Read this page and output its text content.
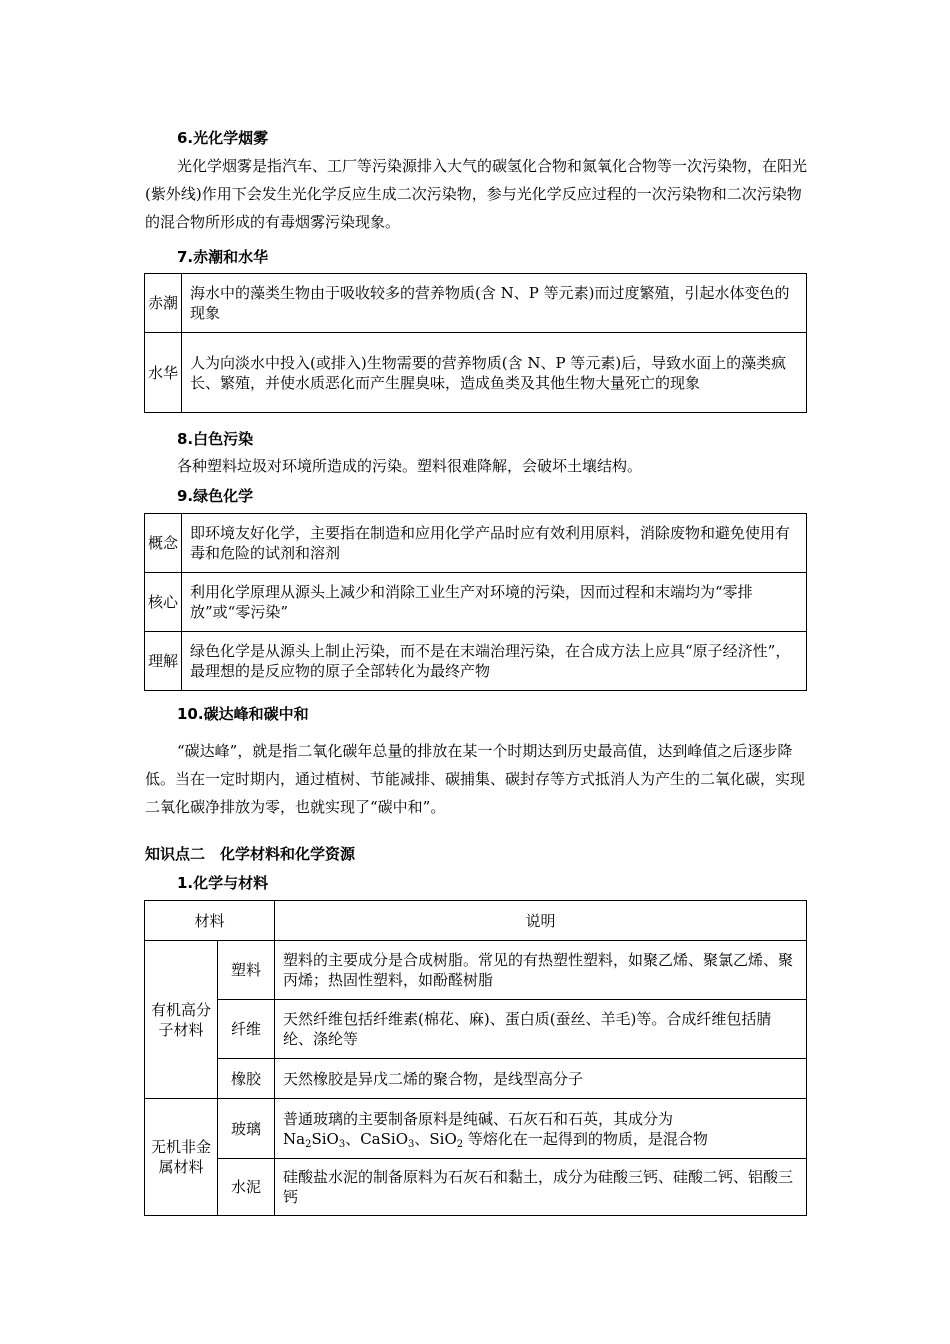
6.光化学烟雾
光化学烟雾是指汽车、工厂等污染源排入大气的碳氢化合物和氮氧化合物等一次污染物，在阳光(紫外线)作用下会发生光化学反应生成二次污染物，参与光化学反应过程的一次污染物和二次污染物的混合物所形成的有毒烟雾污染现象。
7.赤潮和水华
赤潮	海水中的藻类生物由于吸收较多的营养物质(含 N、P 等元素)而过度繁殖，引起水体变色的现象
水华	人为向淡水中投入(或排入)生物需要的营养物质(含 N、P 等元素)后，导致水面上的藻类疯长、繁殖，并使水质恶化而产生腥臭味，造成鱼类及其他生物大量死亡的现象
8.白色污染
各种塑料垃圾对环境所造成的污染。塑料很难降解，会破坏土壤结构。
9.绿色化学
概念	即环境友好化学，主要指在制造和应用化学产品时应有效利用原料，消除废物和避免使用有毒和危险的试剂和溶剂
核心	利用化学原理从源头上减少和消除工业生产对环境的污染，因而过程和末端均为“零排放”或“零污染”
理解	绿色化学是从源头上制止污染，而不是在末端治理污染，在合成方法上应具“原子经济性”，最理想的是反应物的原子全部转化为最终产物
10.碳达峰和碳中和
“碳达峰”，就是指二氧化碳年总量的排放在某一个时期达到历史最高值，达到峰值之后逐步降低。当在一定时期内，通过植树、节能减排、碳捕集、碳封存等方式抵消人为产生的二氧化碳，实现二氧化碳净排放为零，也就实现了“碳中和”。
知识点二　化学材料和化学资源
1.化学与材料
材料		说明
有机高分子材料	塑料	塑料的主要成分是合成树脂。常见的有热塑性塑料，如聚乙烯、聚氯乙烯、聚丙烯；热固性塑料，如酚醛树脂
	纤维	天然纤维包括纤维素(棉花、麻)、蛋白质(蚕丝、羊毛)等。合成纤维包括腈纶、涤纶等
	橡胶	天然橡胶是异戊二烯的聚合物，是线型高分子
无机非金属材料	玻璃	普通玻璃的主要制备原料是纯碱、石灰石和石英，其成分为
$Na_2SiO_3$、CaSiO$_3$、SiO$_2$ 等熔化在一起得到的物质，是混合物
	水泥	硅酸盐水泥的制备原料为石灰石和黏土，成分为硅酸三钙、硅酸二钙、铝酸三钙
